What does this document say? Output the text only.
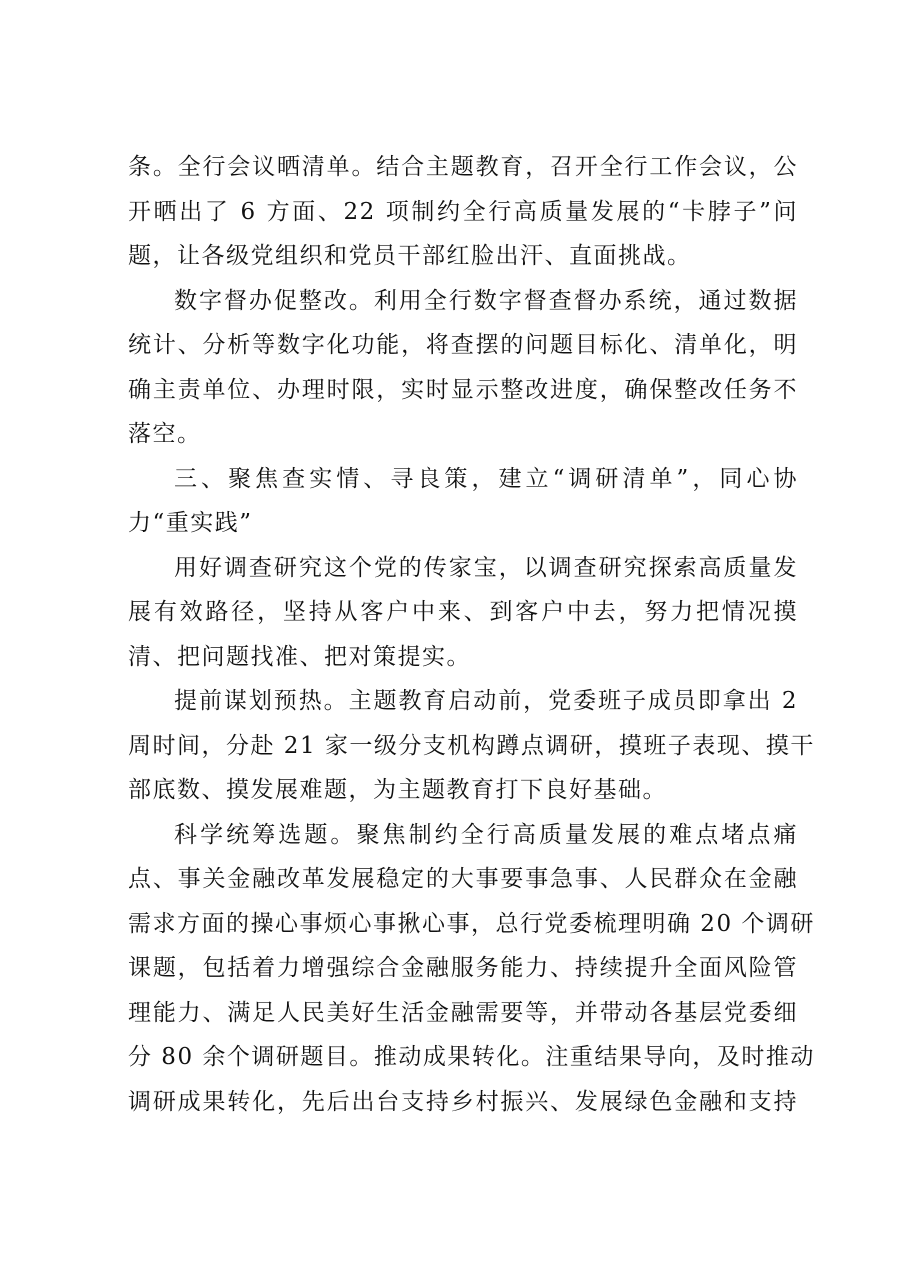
条。全行会议晒清单。结合主题教育，召开全行工作会议，公
开晒出了 6 方面、22 项制约全行高质量发展的“卡脖子”问
题，让各级党组织和党员干部红脸出汗、直面挑战。
数字督办促整改。利用全行数字督查督办系统，通过数据
统计、分析等数字化功能，将查摆的问题目标化、清单化，明
确主责单位、办理时限，实时显示整改进度，确保整改任务不
落空。
三、聚焦查实情、寻良策，建立“调研清单”，同心协
力“重实践”
用好调查研究这个党的传家宝，以调查研究探索高质量发
展有效路径，坚持从客户中来、到客户中去，努力把情况摸
清、把问题找准、把对策提实。
提前谋划预热。主题教育启动前，党委班子成员即拿出 2
周时间，分赴 21 家一级分支机构蹲点调研，摸班子表现、摸干
部底数、摸发展难题，为主题教育打下良好基础。
科学统筹选题。聚焦制约全行高质量发展的难点堵点痛
点、事关金融改革发展稳定的大事要事急事、人民群众在金融
需求方面的操心事烦心事揪心事，总行党委梳理明确 20 个调研
课题，包括着力增强综合金融服务能力、持续提升全面风险管
理能力、满足人民美好生活金融需要等，并带动各基层党委细
分 80 余个调研题目。推动成果转化。注重结果导向，及时推动
调研成果转化，先后出台支持乡村振兴、发展绿色金融和支持
